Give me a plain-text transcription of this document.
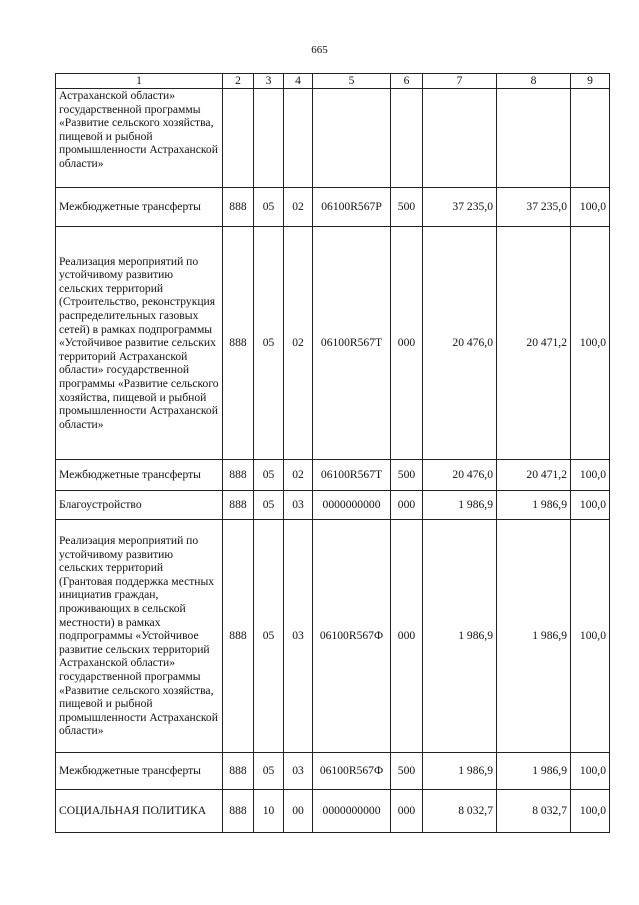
665
1	2	3	4	5	6	7	8	9
Астраханской области» государственной программы «Развитие сельского хозяйства, пищевой и рыбной промышленности Астраханской области»								
Межбюджетные трансферты	888	05	02	06100R567Р	500	37 235,0	37 235,0	100,0
Реализация мероприятий по устойчивому развитию сельских территорий (Строительство, реконструкция распределительных газовых сетей) в рамках подпрограммы «Устойчивое развитие сельских территорий Астраханской области» государственной программы «Развитие сельского хозяйства, пищевой и рыбной промышленности Астраханской области»	888	05	02	06100R567Т	000	20 476,0	20 471,2	100,0
Межбюджетные трансферты	888	05	02	06100R567Т	500	20 476,0	20 471,2	100,0
Благоустройство	888	05	03	0000000000	000	1 986,9	1 986,9	100,0
Реализация мероприятий по устойчивому развитию сельских территорий (Грантовая поддержка местных инициатив граждан, проживающих в сельской местности) в рамках подпрограммы «Устойчивое развитие сельских территорий Астраханской области» государственной программы «Развитие сельского хозяйства, пищевой и рыбной промышленности Астраханской области»	888	05	03	06100R567Ф	000	1 986,9	1 986,9	100,0
Межбюджетные трансферты	888	05	03	06100R567Ф	500	1 986,9	1 986,9	100,0
СОЦИАЛЬНАЯ ПОЛИТИКА	888	10	00	0000000000	000	8 032,7	8 032,7	100,0
